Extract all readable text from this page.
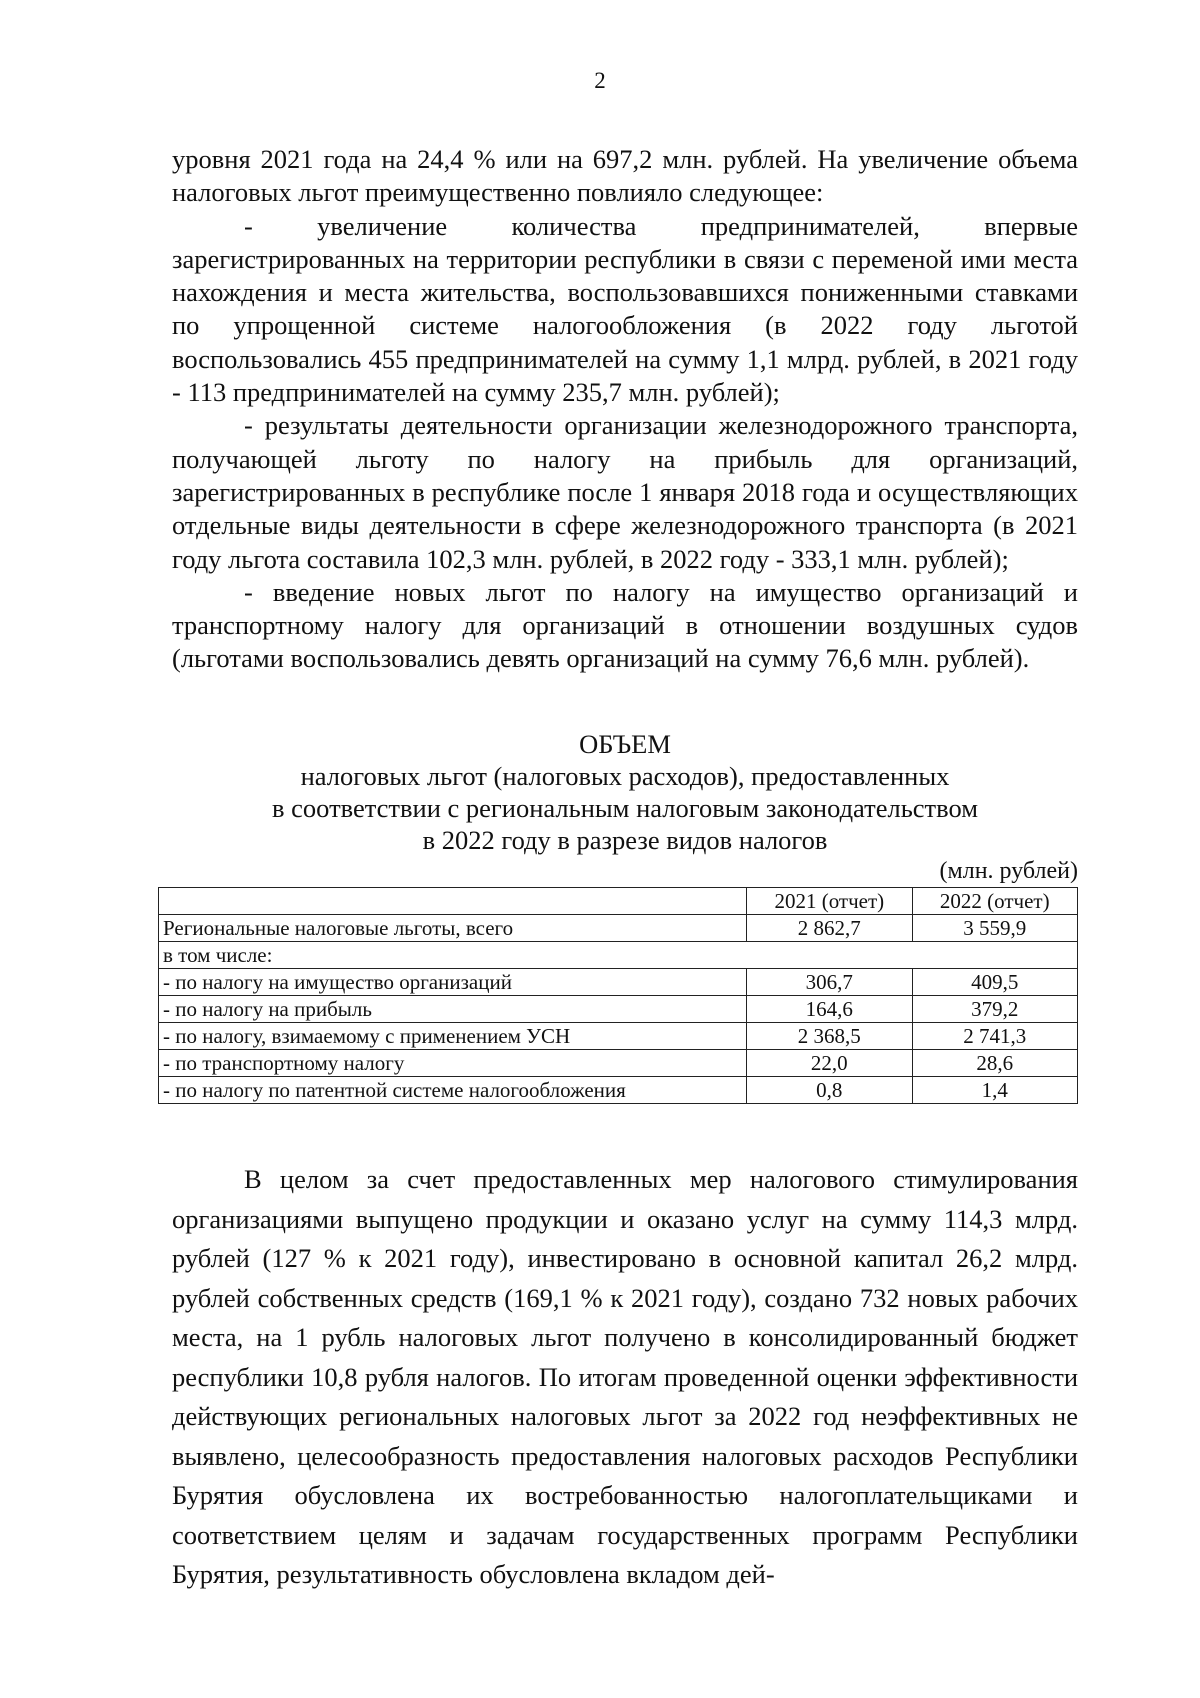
2

уровня 2021 года на 24,4 % или на 697,2 млн. рублей. На увеличение объема налоговых льгот преимущественно повлияло следующее:

- увеличение количества предпринимателей, впервые зарегистрированных на территории республики в связи с переменой ими места нахождения и места жительства, воспользовавшихся пониженными ставками по упрощенной системе налогообложения (в 2022 году льготой воспользовались 455 предпринимателей на сумму 1,1 млрд. рублей, в 2021 году - 113 предпринимателей на сумму 235,7 млн. рублей);

- результаты деятельности организации железнодорожного транспорта, получающей льготу по налогу на прибыль для организаций, зарегистрированных в республике после 1 января 2018 года и осуществляющих отдельные виды деятельности в сфере железнодорожного транспорта (в 2021 году льгота составила 102,3 млн. рублей, в 2022 году - 333,1 млн. рублей);

- введение новых льгот по налогу на имущество организаций и транспортному налогу для организаций в отношении воздушных судов (льготами воспользовались девять организаций на сумму 76,6 млн. рублей).

ОБЪЕМ
налоговых льгот (налоговых расходов), предоставленных
в соответствии с региональным налоговым законодательством
в 2022 году в разрезе видов налогов
(млн. рублей)
	2021 (отчет)	2022 (отчет)
Региональные налоговые льготы, всего	2 862,7	3 559,9
в том числе:		
- по налогу на имущество организаций	306,7	409,5
- по налогу на прибыль	164,6	379,2
- по налогу, взимаемому с применением УСН	2 368,5	2 741,3
- по транспортному налогу	22,0	28,6
- по налогу по патентной системе налогообложения	0,8	1,4

В целом за счет предоставленных мер налогового стимулирования организациями выпущено продукции и оказано услуг на сумму 114,3 млрд. рублей (127 % к 2021 году), инвестировано в основной капитал 26,2 млрд. рублей собственных средств (169,1 % к 2021 году), создано 732 новых рабочих места, на 1 рубль налоговых льгот получено в консолидированный бюджет республики 10,8 рубля налогов. По итогам проведенной оценки эффективности действующих региональных налоговых льгот за 2022 год неэффективных не выявлено, целесообразность предоставления налоговых расходов Республики Бурятия обусловлена их востребованностью налогоплательщиками и соответствием целям и задачам государственных программ Республики Бурятия, результативность обусловлена вкладом дей-
